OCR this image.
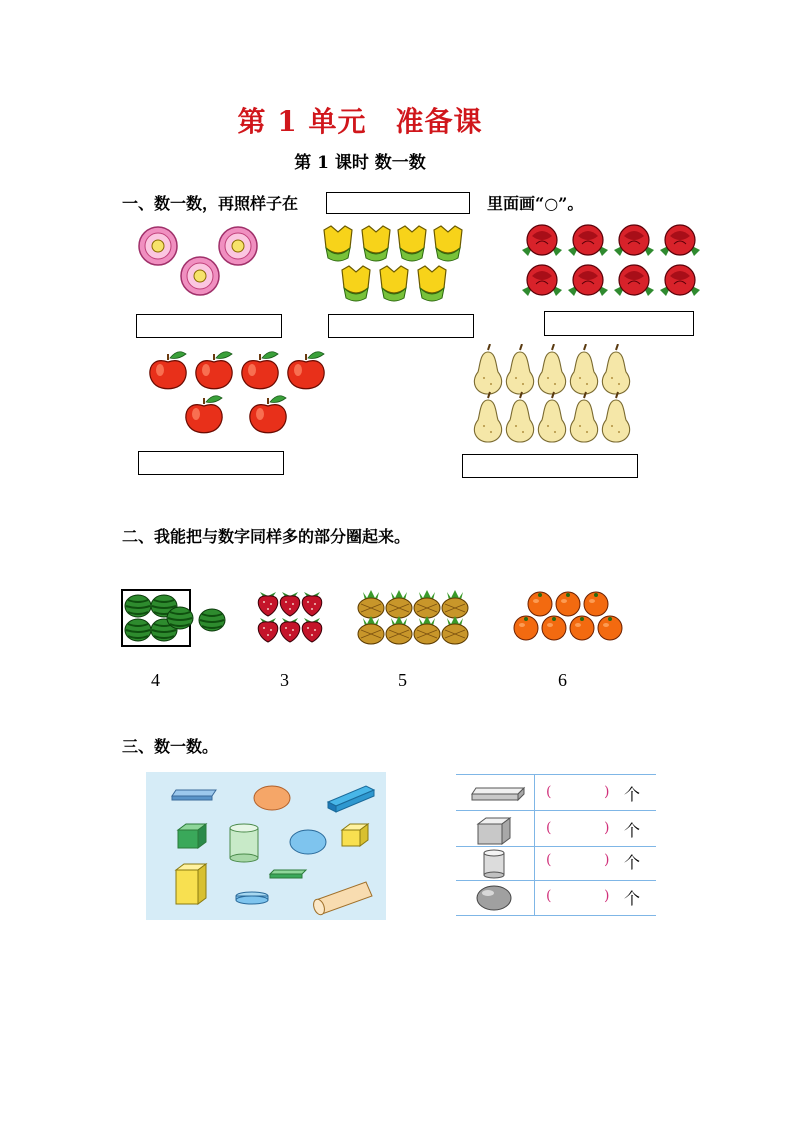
第 1 单元　准备课
第 1 课时 数一数
一、数一数，再照样子在	里面画“○”。
二、我能把与数字同样多的部分圈起来。
4	3	5	6
三、数一数。
(	) 个
(	) 个
(	) 个
(	) 个
